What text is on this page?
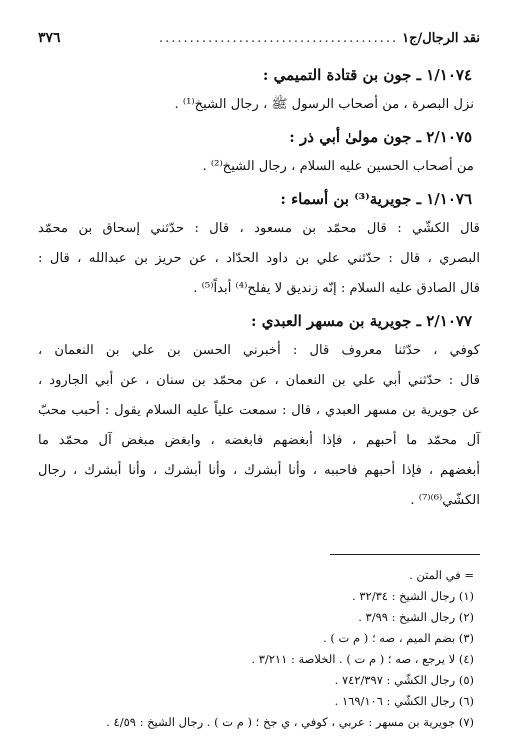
نقد الرجال/ج١
.......................................
٣٧٦
١/١٠٧٤ ـ جون بن قتادة التميمي :

نزل البصرة ، من أصحاب الرسول ﷺ ، رجال الشيخ⁽¹⁾ .

٢/١٠٧٥ ـ جون مولىٰ أبي ذر :

من أصحاب الحسين عليه السلام ، رجال الشيخ⁽²⁾ .

١/١٠٧٦ ـ جويرية⁽³⁾ بن أسماء :

قال الكشّي : قال محمّد بن مسعود ، قال : حدّثني إسحاق بن محمّد

البصري ، قال : حدّثني علي بن داود الحدّاد ، عن حريز بن عبدالله ، قال :

قال الصادق عليه السلام : إنّه زنديق لا يفلح⁽⁴⁾ أبداً⁽⁵⁾ .

٢/١٠٧٧ ـ جويرية بن مسهر العبدي :

كوفي ، حدّثنا معروف قال : أخبرني الحسن بن علي بن النعمان ،

قال : حدّثني أبي علي بن النعمان ، عن محمّد بن سنان ، عن أبي الجارود ،

عن جويرية بن مسهر العبدي ، قال : سمعت علياً عليه السلام يقول : أحبب محبّ

آل محمّد ما أحبهم ، فإذا أبغضهم فابغضه ، وابغض مبغض آل محمّد ما

أبغضهم ، فإذا أحبهم فاحببه ، وأنا أبشرك ، وأنا أبشرك ، وأنا أبشرك ، رجال

الكشّي⁽⁶⁾⁽⁷⁾ .

= في المتن .
(١) رجال الشيخ : ٣٢/٣٤ .
(٢) رجال الشيخ : ٣/٩٩ .
(٣) بضم الميم ، صه ؛ ( م ت ) .
(٤) لا يرجع ، صه ؛ ( م ت ) . الخلاصة : ٣/٢١١ .
(٥) رجال الكشّي : ٧٤٢/٣٩٧ .
(٦) رجال الكشّي : ١٦٩/١٠٦ .
(٧) جويرية بن مسهر : عربي ، كوفي ، ي جخ ؛ ( م ت ) . رجال الشيخ : ٤/٥٩ .
